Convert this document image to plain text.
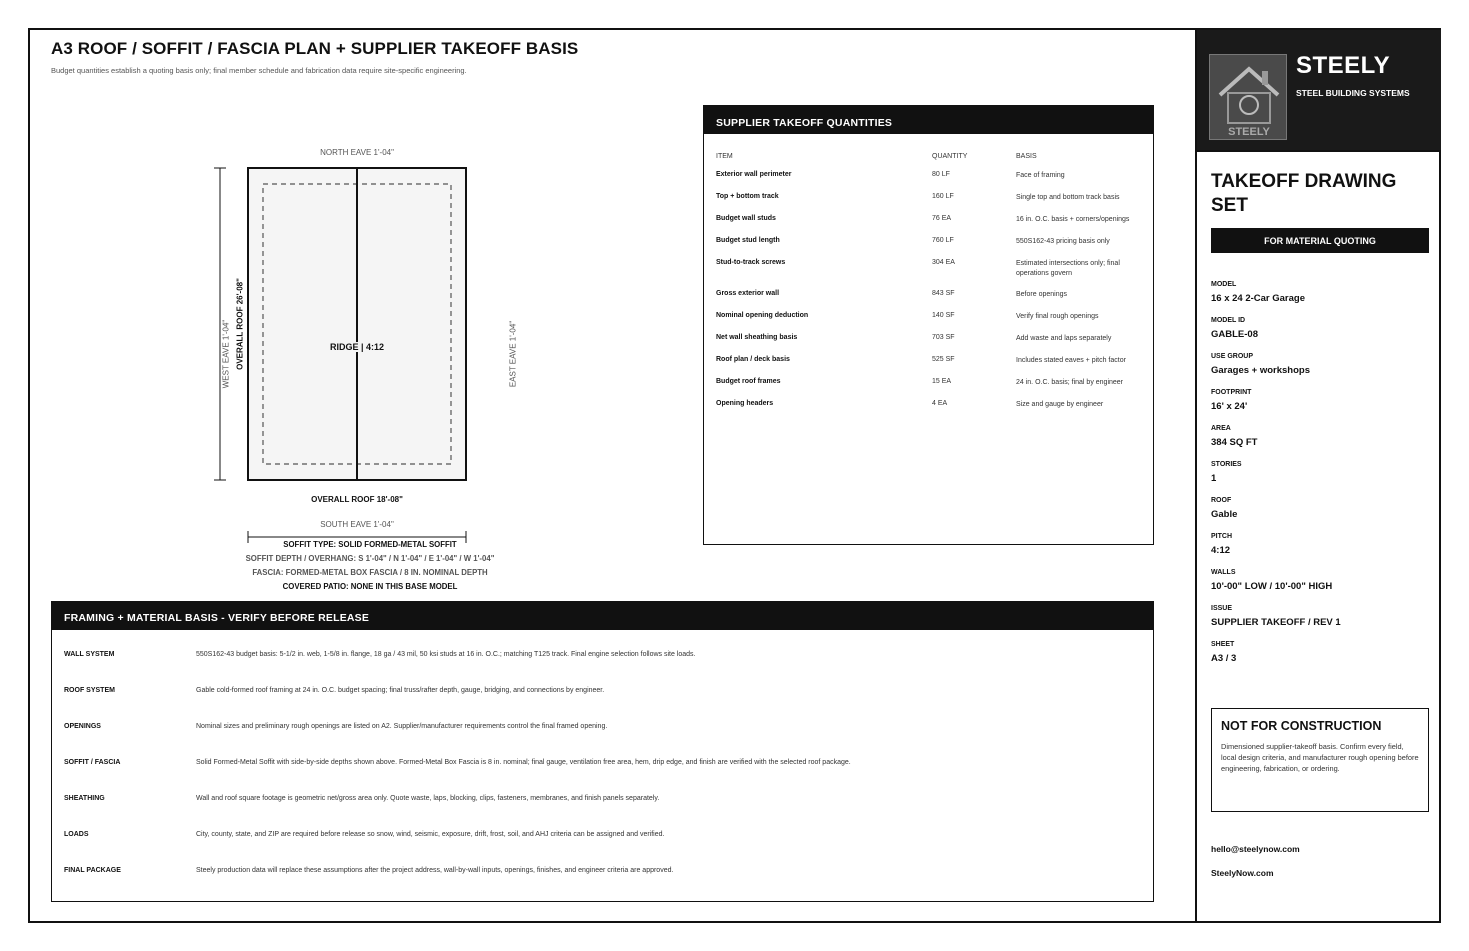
A3 ROOF / SOFFIT / FASCIA PLAN + SUPPLIER TAKEOFF BASIS
Budget quantities establish a quoting basis only; final member schedule and fabrication data require site-specific engineering.
NORTH EAVE 1'-04"
RIDGE | 4:12
OVERALL ROOF 18'-08"
SOUTH EAVE 1'-04"
WEST EAVE 1'-04" OVERALL ROOF 26'-08"	EAST EAVE 1'-04"
SOFFIT TYPE: SOLID FORMED-METAL SOFFIT
SOFFIT DEPTH / OVERHANG: S 1'-04" / N 1'-04" / E 1'-04" / W 1'-04"
FASCIA: FORMED-METAL BOX FASCIA / 8 IN. NOMINAL DEPTH
COVERED PATIO: NONE IN THIS BASE MODEL
SUPPLIER TAKEOFF QUANTITIES
ITEM	QUANTITY	BASIS
Exterior wall perimeter	80 LF	Face of framing
Top + bottom track	160 LF	Single top and bottom track basis
Budget wall studs	76 EA	16 in. O.C. basis + corners/openings
Budget stud length	760 LF	550S162-43 pricing basis only
Stud-to-track screws	304 EA	Estimated intersections only; final operations govern
Gross exterior wall	843 SF	Before openings
Nominal opening deduction	140 SF	Verify final rough openings
Net wall sheathing basis	703 SF	Add waste and laps separately
Roof plan / deck basis	525 SF	Includes stated eaves + pitch factor
Budget roof frames	15 EA	24 in. O.C. basis; final by engineer
Opening headers	4 EA	Size and gauge by engineer
FRAMING + MATERIAL BASIS - VERIFY BEFORE RELEASE
WALL SYSTEM	550S162-43 budget basis: 5-1/2 in. web, 1-5/8 in. flange, 18 ga / 43 mil, 50 ksi studs at 16 in. O.C.; matching T125 track. Final engine selection follows site loads.
ROOF SYSTEM	Gable cold-formed roof framing at 24 in. O.C. budget spacing; final truss/rafter depth, gauge, bridging, and connections by engineer.
OPENINGS	Nominal sizes and preliminary rough openings are listed on A2. Supplier/manufacturer requirements control the final framed opening.
SOFFIT / FASCIA	Solid Formed-Metal Soffit with side-by-side depths shown above. Formed-Metal Box Fascia is 8 in. nominal; final gauge, ventilation free area, hem, drip edge, and finish are verified with the selected roof package.
SHEATHING	Wall and roof square footage is geometric net/gross area only. Quote waste, laps, blocking, clips, fasteners, membranes, and finish panels separately.
LOADS	City, county, state, and ZIP are required before release so snow, wind, seismic, exposure, drift, frost, soil, and AHJ criteria can be assigned and verified.
FINAL PACKAGE	Steely production data will replace these assumptions after the project address, wall-by-wall inputs, openings, finishes, and engineer criteria are approved.
STEELY
STEELY
STEEL BUILDING SYSTEMS
TAKEOFF DRAWING SET
FOR MATERIAL QUOTING
MODEL
16 x 24 2-Car Garage
MODEL ID
GABLE-08
USE GROUP
Garages + workshops
FOOTPRINT
16' x 24'
AREA
384 SQ FT
STORIES
1
ROOF
Gable
PITCH
4:12
WALLS
10'-00" LOW / 10'-00" HIGH
ISSUE
SUPPLIER TAKEOFF / REV 1
SHEET
A3 / 3
NOT FOR CONSTRUCTION
Dimensioned supplier-takeoff basis. Confirm every field, local design criteria, and manufacturer rough opening before engineering, fabrication, or ordering.
hello@steelynow.com
SteelyNow.com
